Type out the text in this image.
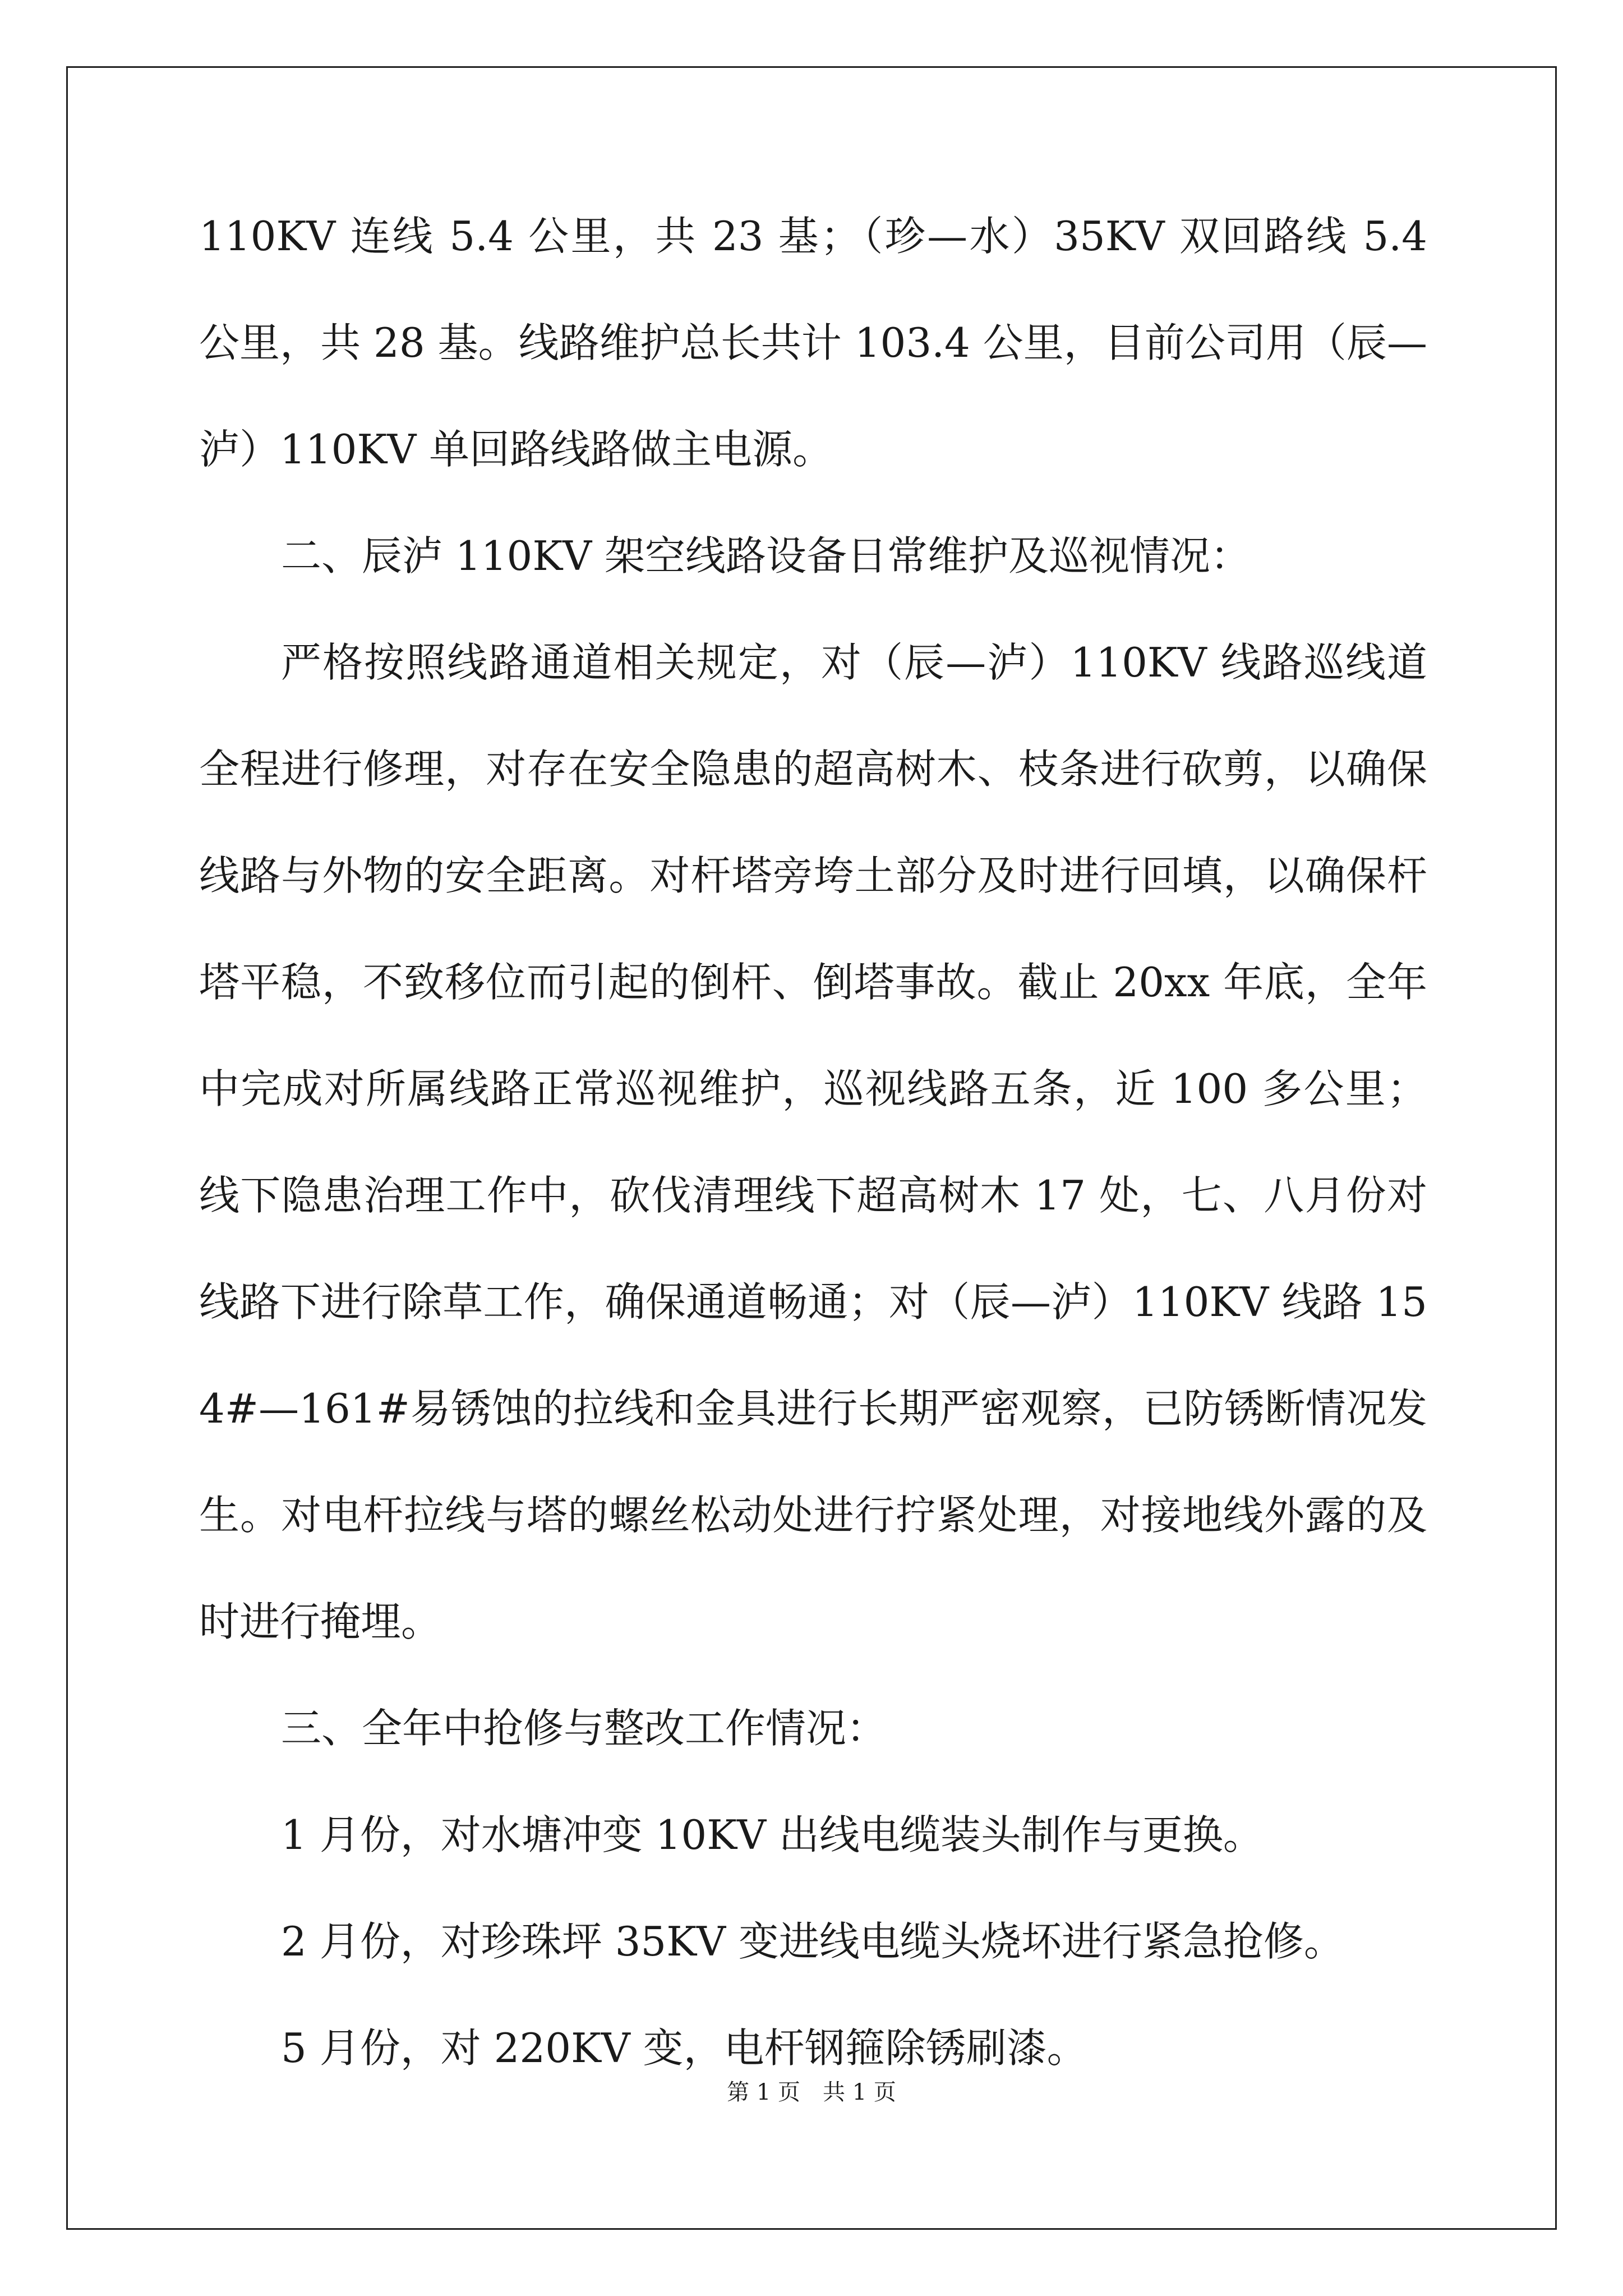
110KV 连线 5.4 公里，共 23 基；（珍—水）35KV 双回路线 5.4 公里，共 28 基。线路维护总长共计 103.4 公里，目前公司用（辰—泸）110KV 单回路线路做主电源。

二、辰泸 110KV 架空线路设备日常维护及巡视情况：

严格按照线路通道相关规定，对（辰—泸）110KV 线路巡线道全程进行修理，对存在安全隐患的超高树木、枝条进行砍剪，以确保线路与外物的安全距离。对杆塔旁垮土部分及时进行回填，以确保杆塔平稳，不致移位而引起的倒杆、倒塔事故。截止 20xx 年底，全年中完成对所属线路正常巡视维护，巡视线路五条，近 100 多公里；线下隐患治理工作中，砍伐清理线下超高树木 17 处，七、八月份对线路下进行除草工作，确保通道畅通；对（辰—泸）110KV 线路 154#—161#易锈蚀的拉线和金具进行长期严密观察，已防锈断情况发生。对电杆拉线与塔的螺丝松动处进行拧紧处理，对接地线外露的及时进行掩埋。

三、全年中抢修与整改工作情况：

1 月份，对水塘冲变 10KV 出线电缆装头制作与更换。

2 月份，对珍珠坪 35KV 变进线电缆头烧坏进行紧急抢修。

5 月份，对 220KV 变，电杆钢箍除锈刷漆。

第 1 页　共 1 页
